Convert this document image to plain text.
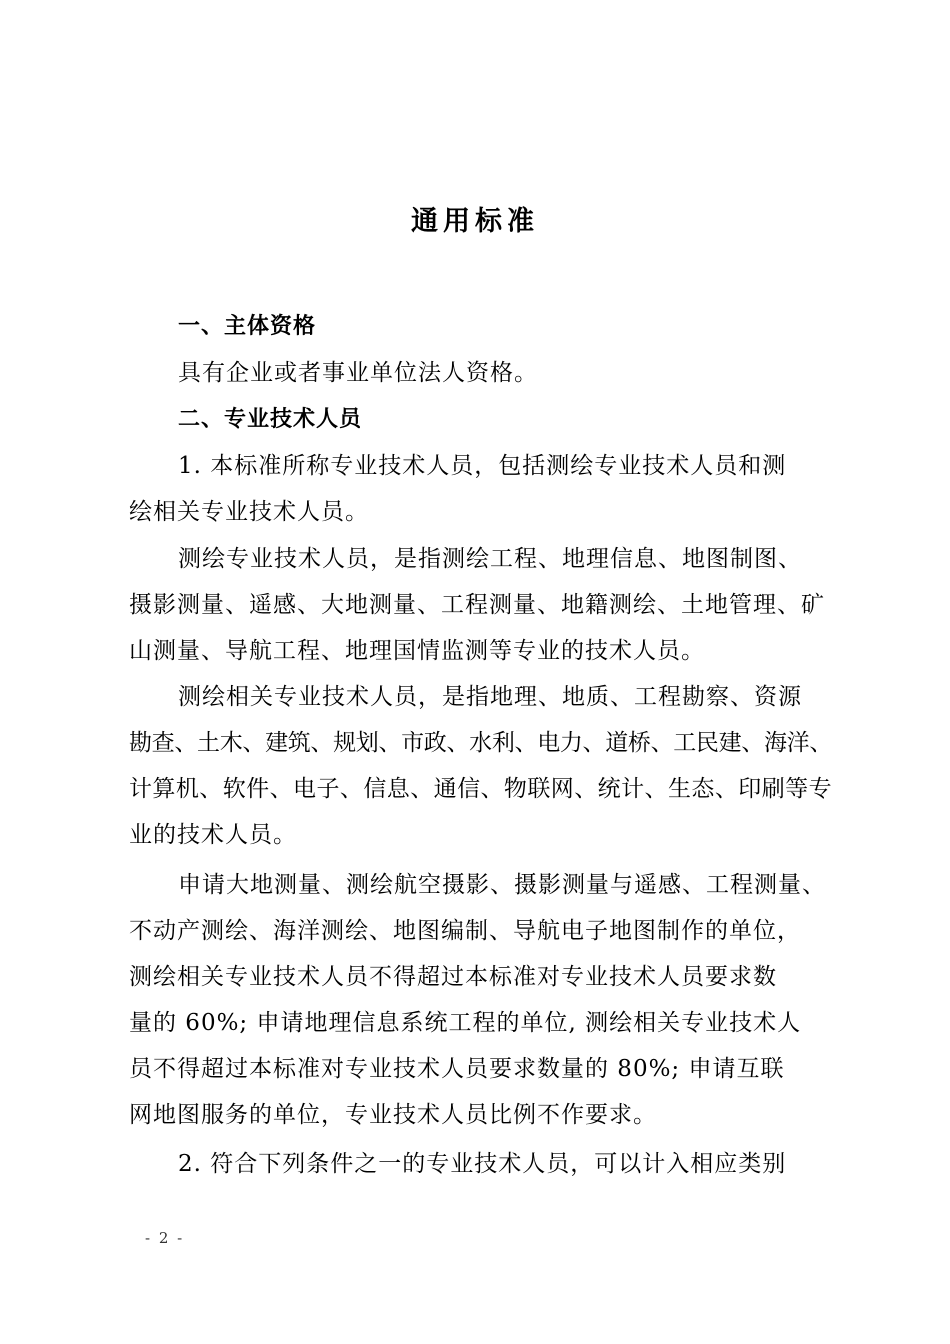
通用标准
一、主体资格
具有企业或者事业单位法人资格。
二、专业技术人员
1. 本标准所称专业技术人员，包括测绘专业技术人员和测
绘相关专业技术人员。
测绘专业技术人员，是指测绘工程、地理信息、地图制图、
摄影测量、遥感、大地测量、工程测量、地籍测绘、土地管理、矿
山测量、导航工程、地理国情监测等专业的技术人员。
测绘相关专业技术人员，是指地理、地质、工程勘察、资源
勘查、土木、建筑、规划、市政、水利、电力、道桥、工民建、海洋、
计算机、软件、电子、信息、通信、物联网、统计、生态、印刷等专
业的技术人员。
申请大地测量、测绘航空摄影、摄影测量与遥感、工程测量、
不动产测绘、海洋测绘、地图编制、导航电子地图制作的单位，
测绘相关专业技术人员不得超过本标准对专业技术人员要求数
量的 60%; 申请地理信息系统工程的单位, 测绘相关专业技术人
员不得超过本标准对专业技术人员要求数量的 80%; 申请互联
网地图服务的单位，专业技术人员比例不作要求。
2. 符合下列条件之一的专业技术人员，可以计入相应类别
- 2 -
